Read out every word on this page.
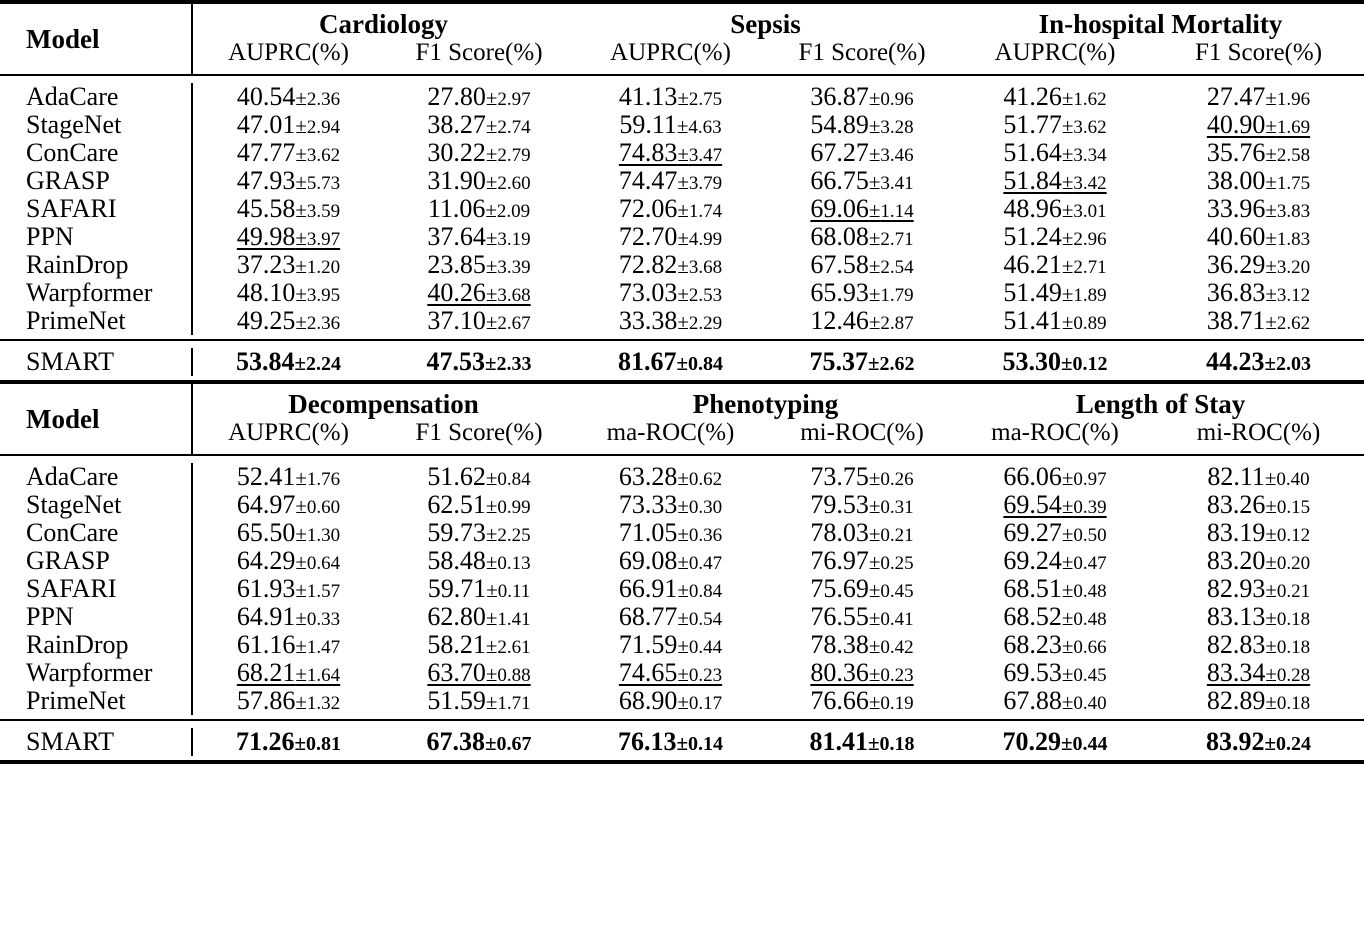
Model	Cardiology		Sepsis		In-hospital Mortality	
	AUPRC(%)	F1 Score(%)	AUPRC(%)	F1 Score(%)	AUPRC(%)	F1 Score(%)

AdaCare	40.54±2.36	27.80±2.97	41.13±2.75	36.87±0.96	41.26±1.62	27.47±1.96
StageNet	47.01±2.94	38.27±2.74	59.11±4.63	54.89±3.28	51.77±3.62	40.90±1.69
ConCare	47.77±3.62	30.22±2.79	74.83±3.47	67.27±3.46	51.64±3.34	35.76±2.58
GRASP	47.93±5.73	31.90±2.60	74.47±3.79	66.75±3.41	51.84±3.42	38.00±1.75
SAFARI	45.58±3.59	11.06±2.09	72.06±1.74	69.06±1.14	48.96±3.01	33.96±3.83
PPN	49.98±3.97	37.64±3.19	72.70±4.99	68.08±2.71	51.24±2.96	40.60±1.83
RainDrop	37.23±1.20	23.85±3.39	72.82±3.68	67.58±2.54	46.21±2.71	36.29±3.20
Warpformer	48.10±3.95	40.26±3.68	73.03±2.53	65.93±1.79	51.49±1.89	36.83±3.12
PrimeNet	49.25±2.36	37.10±2.67	33.38±2.29	12.46±2.87	51.41±0.89	38.71±2.62

SMART	53.84±2.24	47.53±2.33	81.67±0.84	75.37±2.62	53.30±0.12	44.23±2.03

Model	Decompensation		Phenotyping		Length of Stay	
	AUPRC(%)	F1 Score(%)	ma-ROC(%)	mi-ROC(%)	ma-ROC(%)	mi-ROC(%)

AdaCare	52.41±1.76	51.62±0.84	63.28±0.62	73.75±0.26	66.06±0.97	82.11±0.40
StageNet	64.97±0.60	62.51±0.99	73.33±0.30	79.53±0.31	69.54±0.39	83.26±0.15
ConCare	65.50±1.30	59.73±2.25	71.05±0.36	78.03±0.21	69.27±0.50	83.19±0.12
GRASP	64.29±0.64	58.48±0.13	69.08±0.47	76.97±0.25	69.24±0.47	83.20±0.20
SAFARI	61.93±1.57	59.71±0.11	66.91±0.84	75.69±0.45	68.51±0.48	82.93±0.21
PPN	64.91±0.33	62.80±1.41	68.77±0.54	76.55±0.41	68.52±0.48	83.13±0.18
RainDrop	61.16±1.47	58.21±2.61	71.59±0.44	78.38±0.42	68.23±0.66	82.83±0.18
Warpformer	68.21±1.64	63.70±0.88	74.65±0.23	80.36±0.23	69.53±0.45	83.34±0.28
PrimeNet	57.86±1.32	51.59±1.71	68.90±0.17	76.66±0.19	67.88±0.40	82.89±0.18

SMART	71.26±0.81	67.38±0.67	76.13±0.14	81.41±0.18	70.29±0.44	83.92±0.24
